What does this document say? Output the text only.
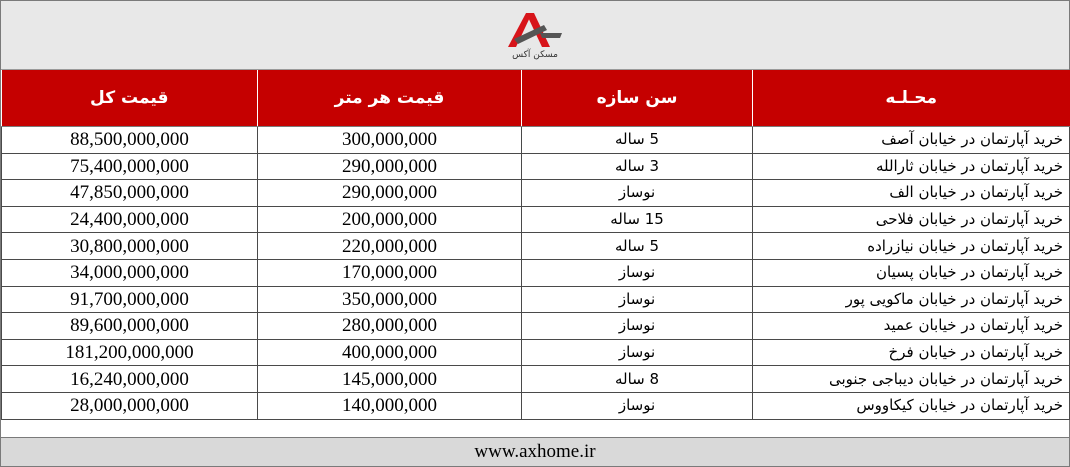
مسکن آکس
محـلـه	سن سازه	قیمت هر متر	قیمت کل
خرید آپارتمان در خیابان آصف	5 ساله	300,000,000	88,500,000,000
خرید آپارتمان در خیابان ثارالله	3 ساله	290,000,000	75,400,000,000
خرید آپارتمان در خیابان الف	نوساز	290,000,000	47,850,000,000
خرید آپارتمان در خیابان فلاحی	15 ساله	200,000,000	24,400,000,000
خرید آپارتمان در خیابان نیازراده	5 ساله	220,000,000	30,800,000,000
خرید آپارتمان در خیابان پسیان	نوساز	170,000,000	34,000,000,000
خرید آپارتمان در خیابان ماکویی پور	نوساز	350,000,000	91,700,000,000
خرید آپارتمان در خیابان عمید	نوساز	280,000,000	89,600,000,000
خرید آپارتمان در خیابان فرخ	نوساز	400,000,000	181,200,000,000
خرید آپارتمان در خیابان دیباجی جنوبی	8 ساله	145,000,000	16,240,000,000
خرید آپارتمان در خیابان کیکاووس	نوساز	140,000,000	28,000,000,000
www.axhome.ir
